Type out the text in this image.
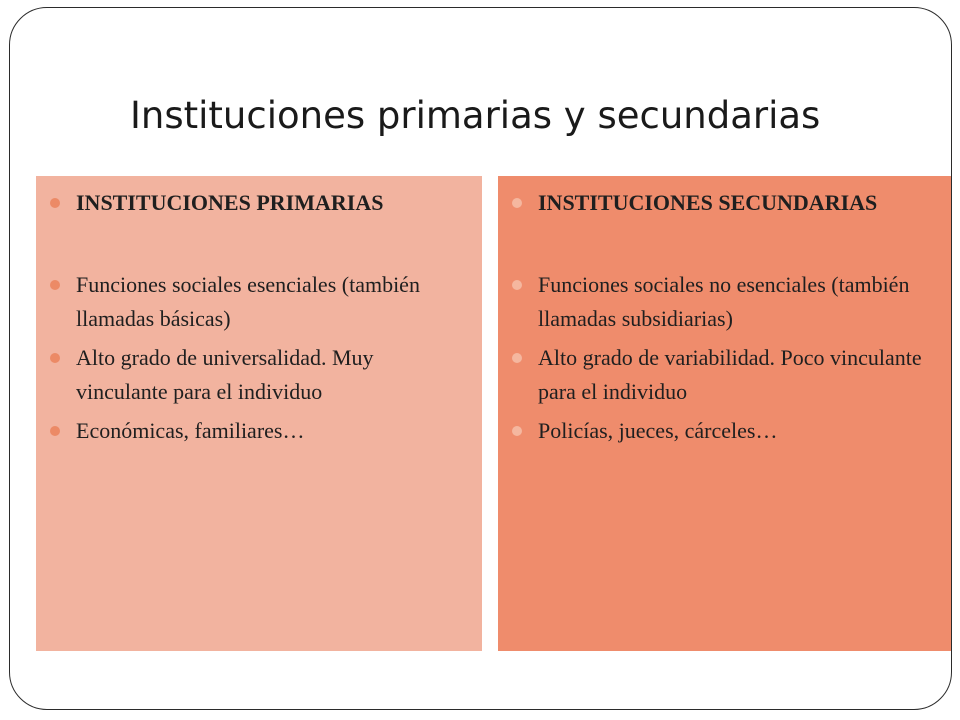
Instituciones primarias y secundarias
INSTITUCIONES PRIMARIAS
Funciones sociales esenciales (también llamadas básicas)
Alto grado de universalidad. Muy vinculante para el individuo
Económicas, familiares…
INSTITUCIONES SECUNDARIAS
Funciones sociales no esenciales (también llamadas subsidiarias)
Alto grado de variabilidad. Poco vinculante para el individuo
Policías, jueces, cárceles…
